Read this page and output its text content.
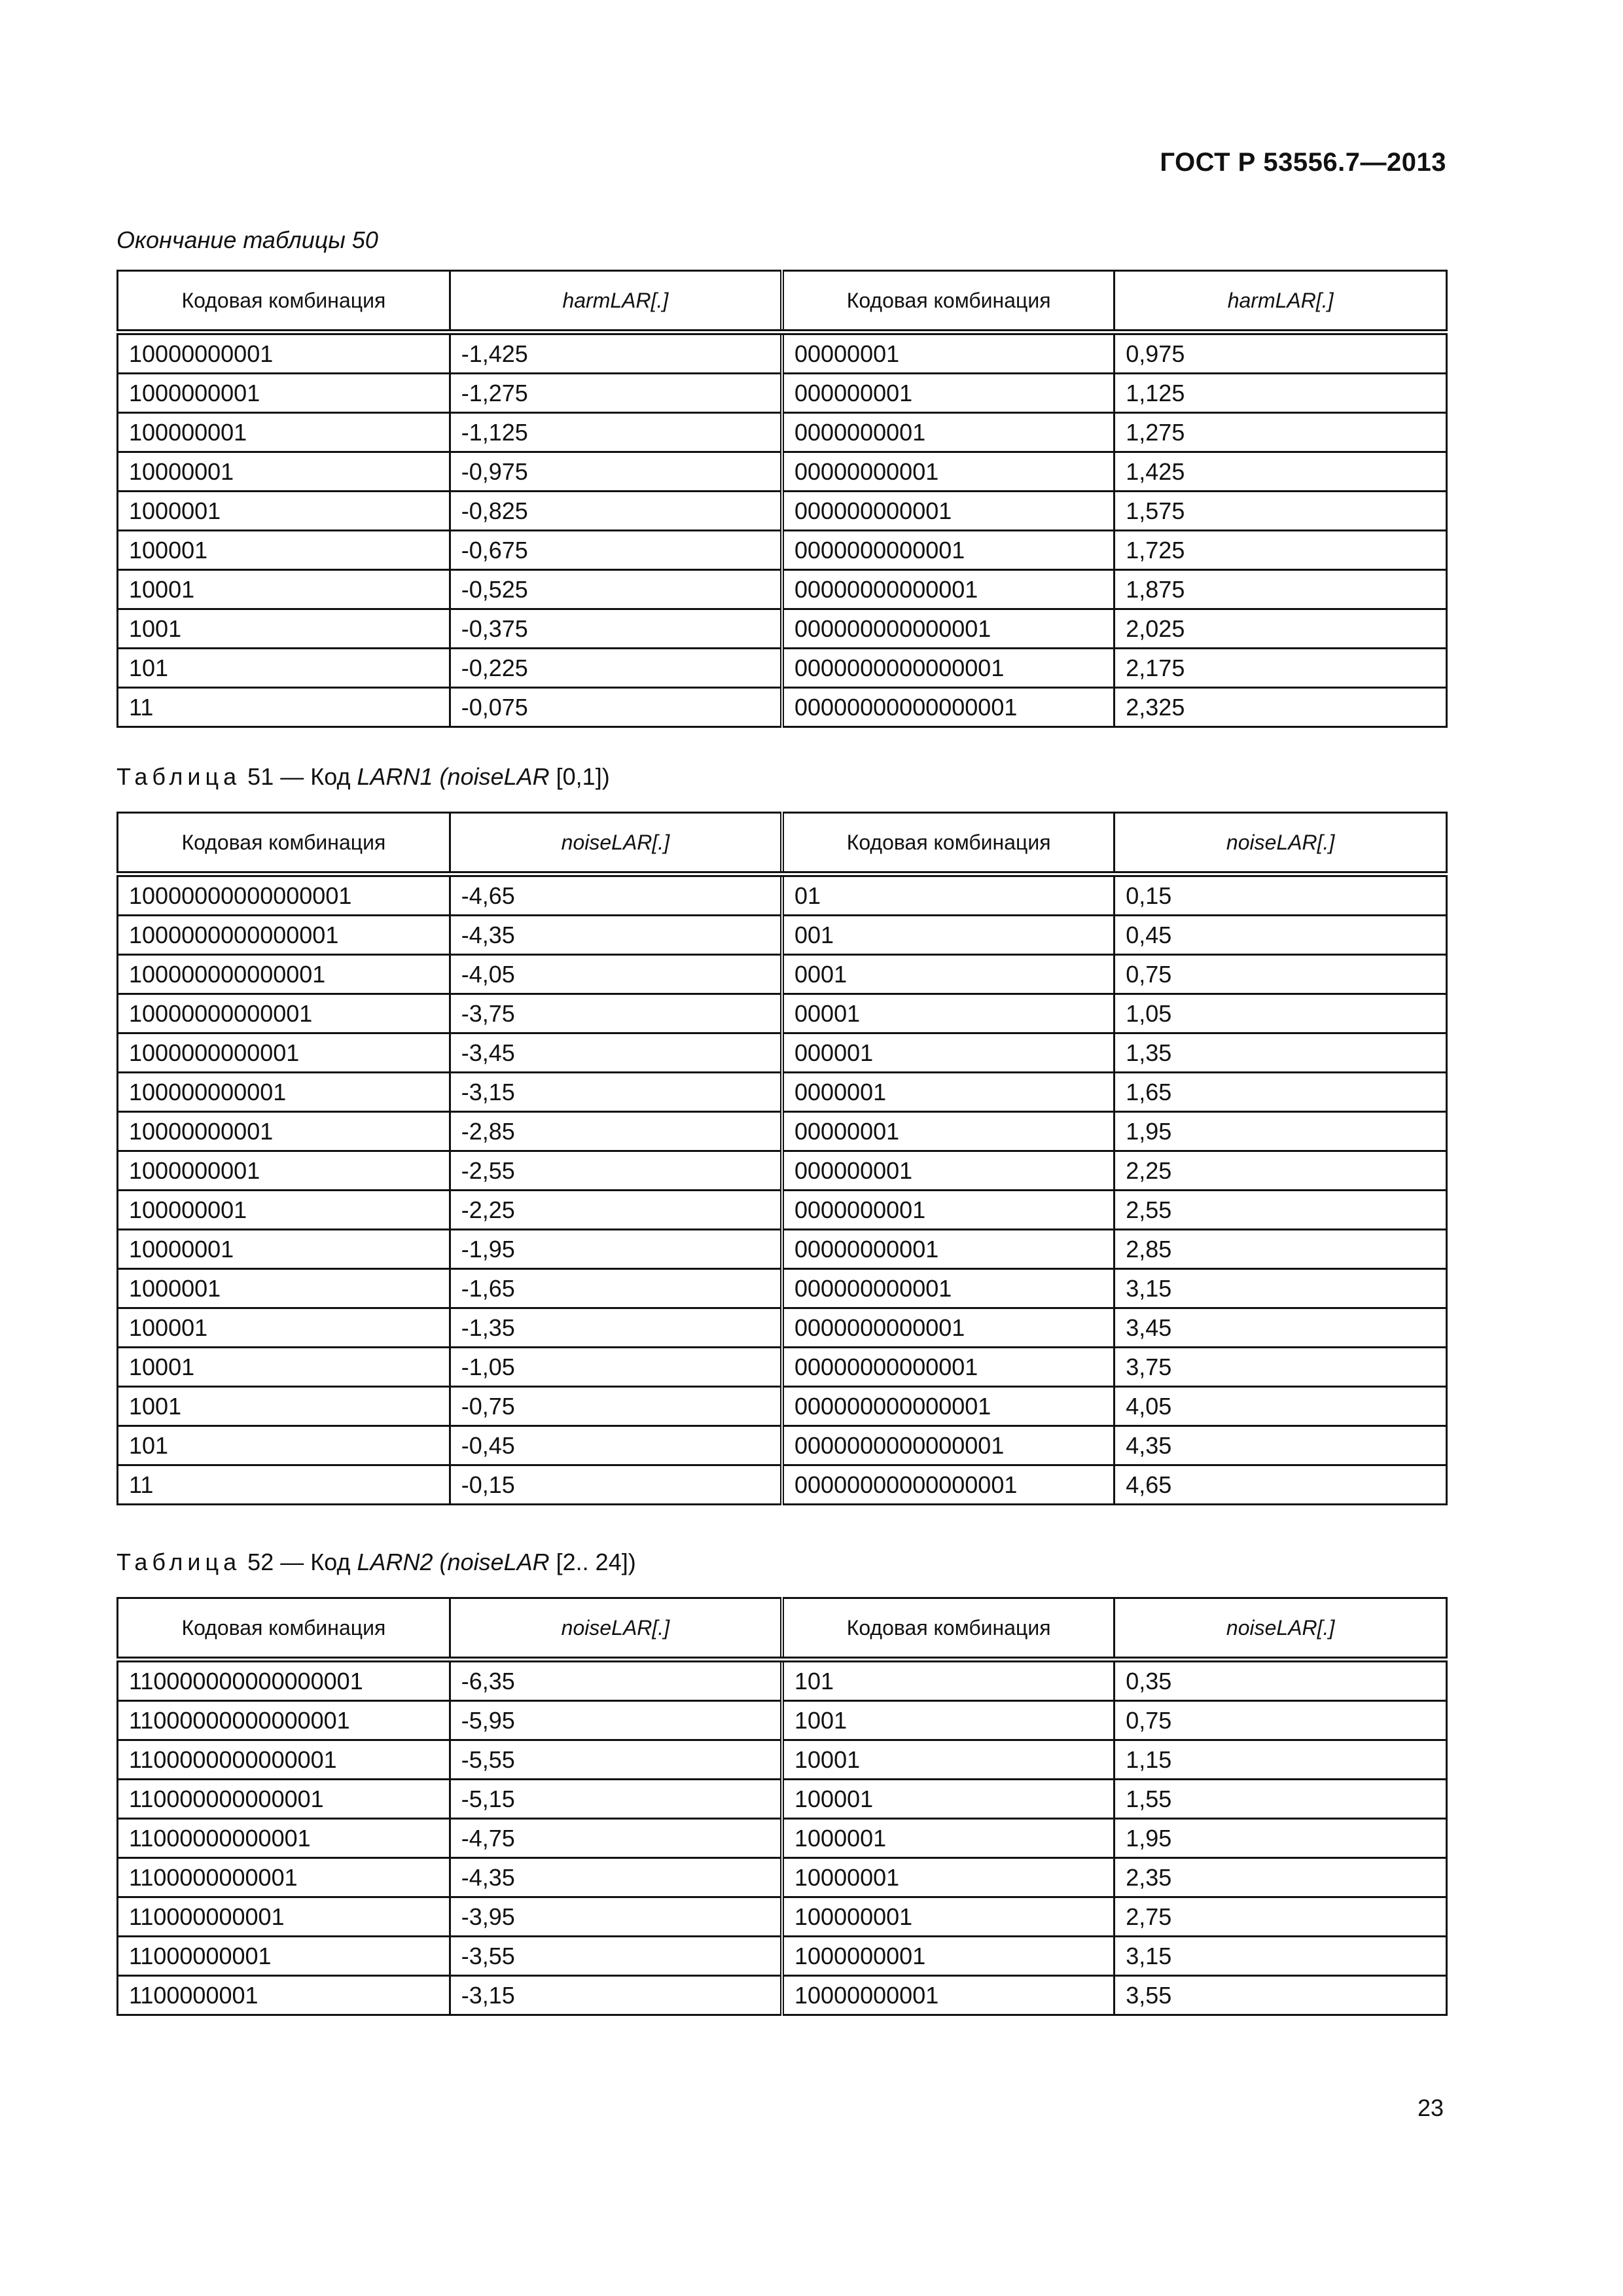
ГОСТ Р 53556.7—2013
Окончание таблицы 50
Кодовая комбинация	harmLAR[.]	Кодовая комбинация	harmLAR[.]
10000000001	-1,425	00000001	0,975
1000000001	-1,275	000000001	1,125
100000001	-1,125	0000000001	1,275
10000001	-0,975	00000000001	1,425
1000001	-0,825	000000000001	1,575
100001	-0,675	0000000000001	1,725
10001	-0,525	00000000000001	1,875
1001	-0,375	000000000000001	2,025
101	-0,225	0000000000000001	2,175
11	-0,075	00000000000000001	2,325
Таблица 51 — Код LARN1 (noiseLAR [0,1])
Кодовая комбинация	noiseLAR[.]	Кодовая комбинация	noiseLAR[.]
10000000000000001	-4,65	01	0,15
1000000000000001	-4,35	001	0,45
100000000000001	-4,05	0001	0,75
10000000000001	-3,75	00001	1,05
1000000000001	-3,45	000001	1,35
100000000001	-3,15	0000001	1,65
10000000001	-2,85	00000001	1,95
1000000001	-2,55	000000001	2,25
100000001	-2,25	0000000001	2,55
10000001	-1,95	00000000001	2,85
1000001	-1,65	000000000001	3,15
100001	-1,35	0000000000001	3,45
10001	-1,05	00000000000001	3,75
1001	-0,75	000000000000001	4,05
101	-0,45	0000000000000001	4,35
11	-0,15	00000000000000001	4,65
Таблица 52 — Код LARN2 (noiseLAR [2.. 24])
Кодовая комбинация	noiseLAR[.]	Кодовая комбинация	noiseLAR[.]
110000000000000001	-6,35	101	0,35
11000000000000001	-5,95	1001	0,75
1100000000000001	-5,55	10001	1,15
110000000000001	-5,15	100001	1,55
11000000000001	-4,75	1000001	1,95
1100000000001	-4,35	10000001	2,35
110000000001	-3,95	100000001	2,75
11000000001	-3,55	1000000001	3,15
1100000001	-3,15	10000000001	3,55
23
